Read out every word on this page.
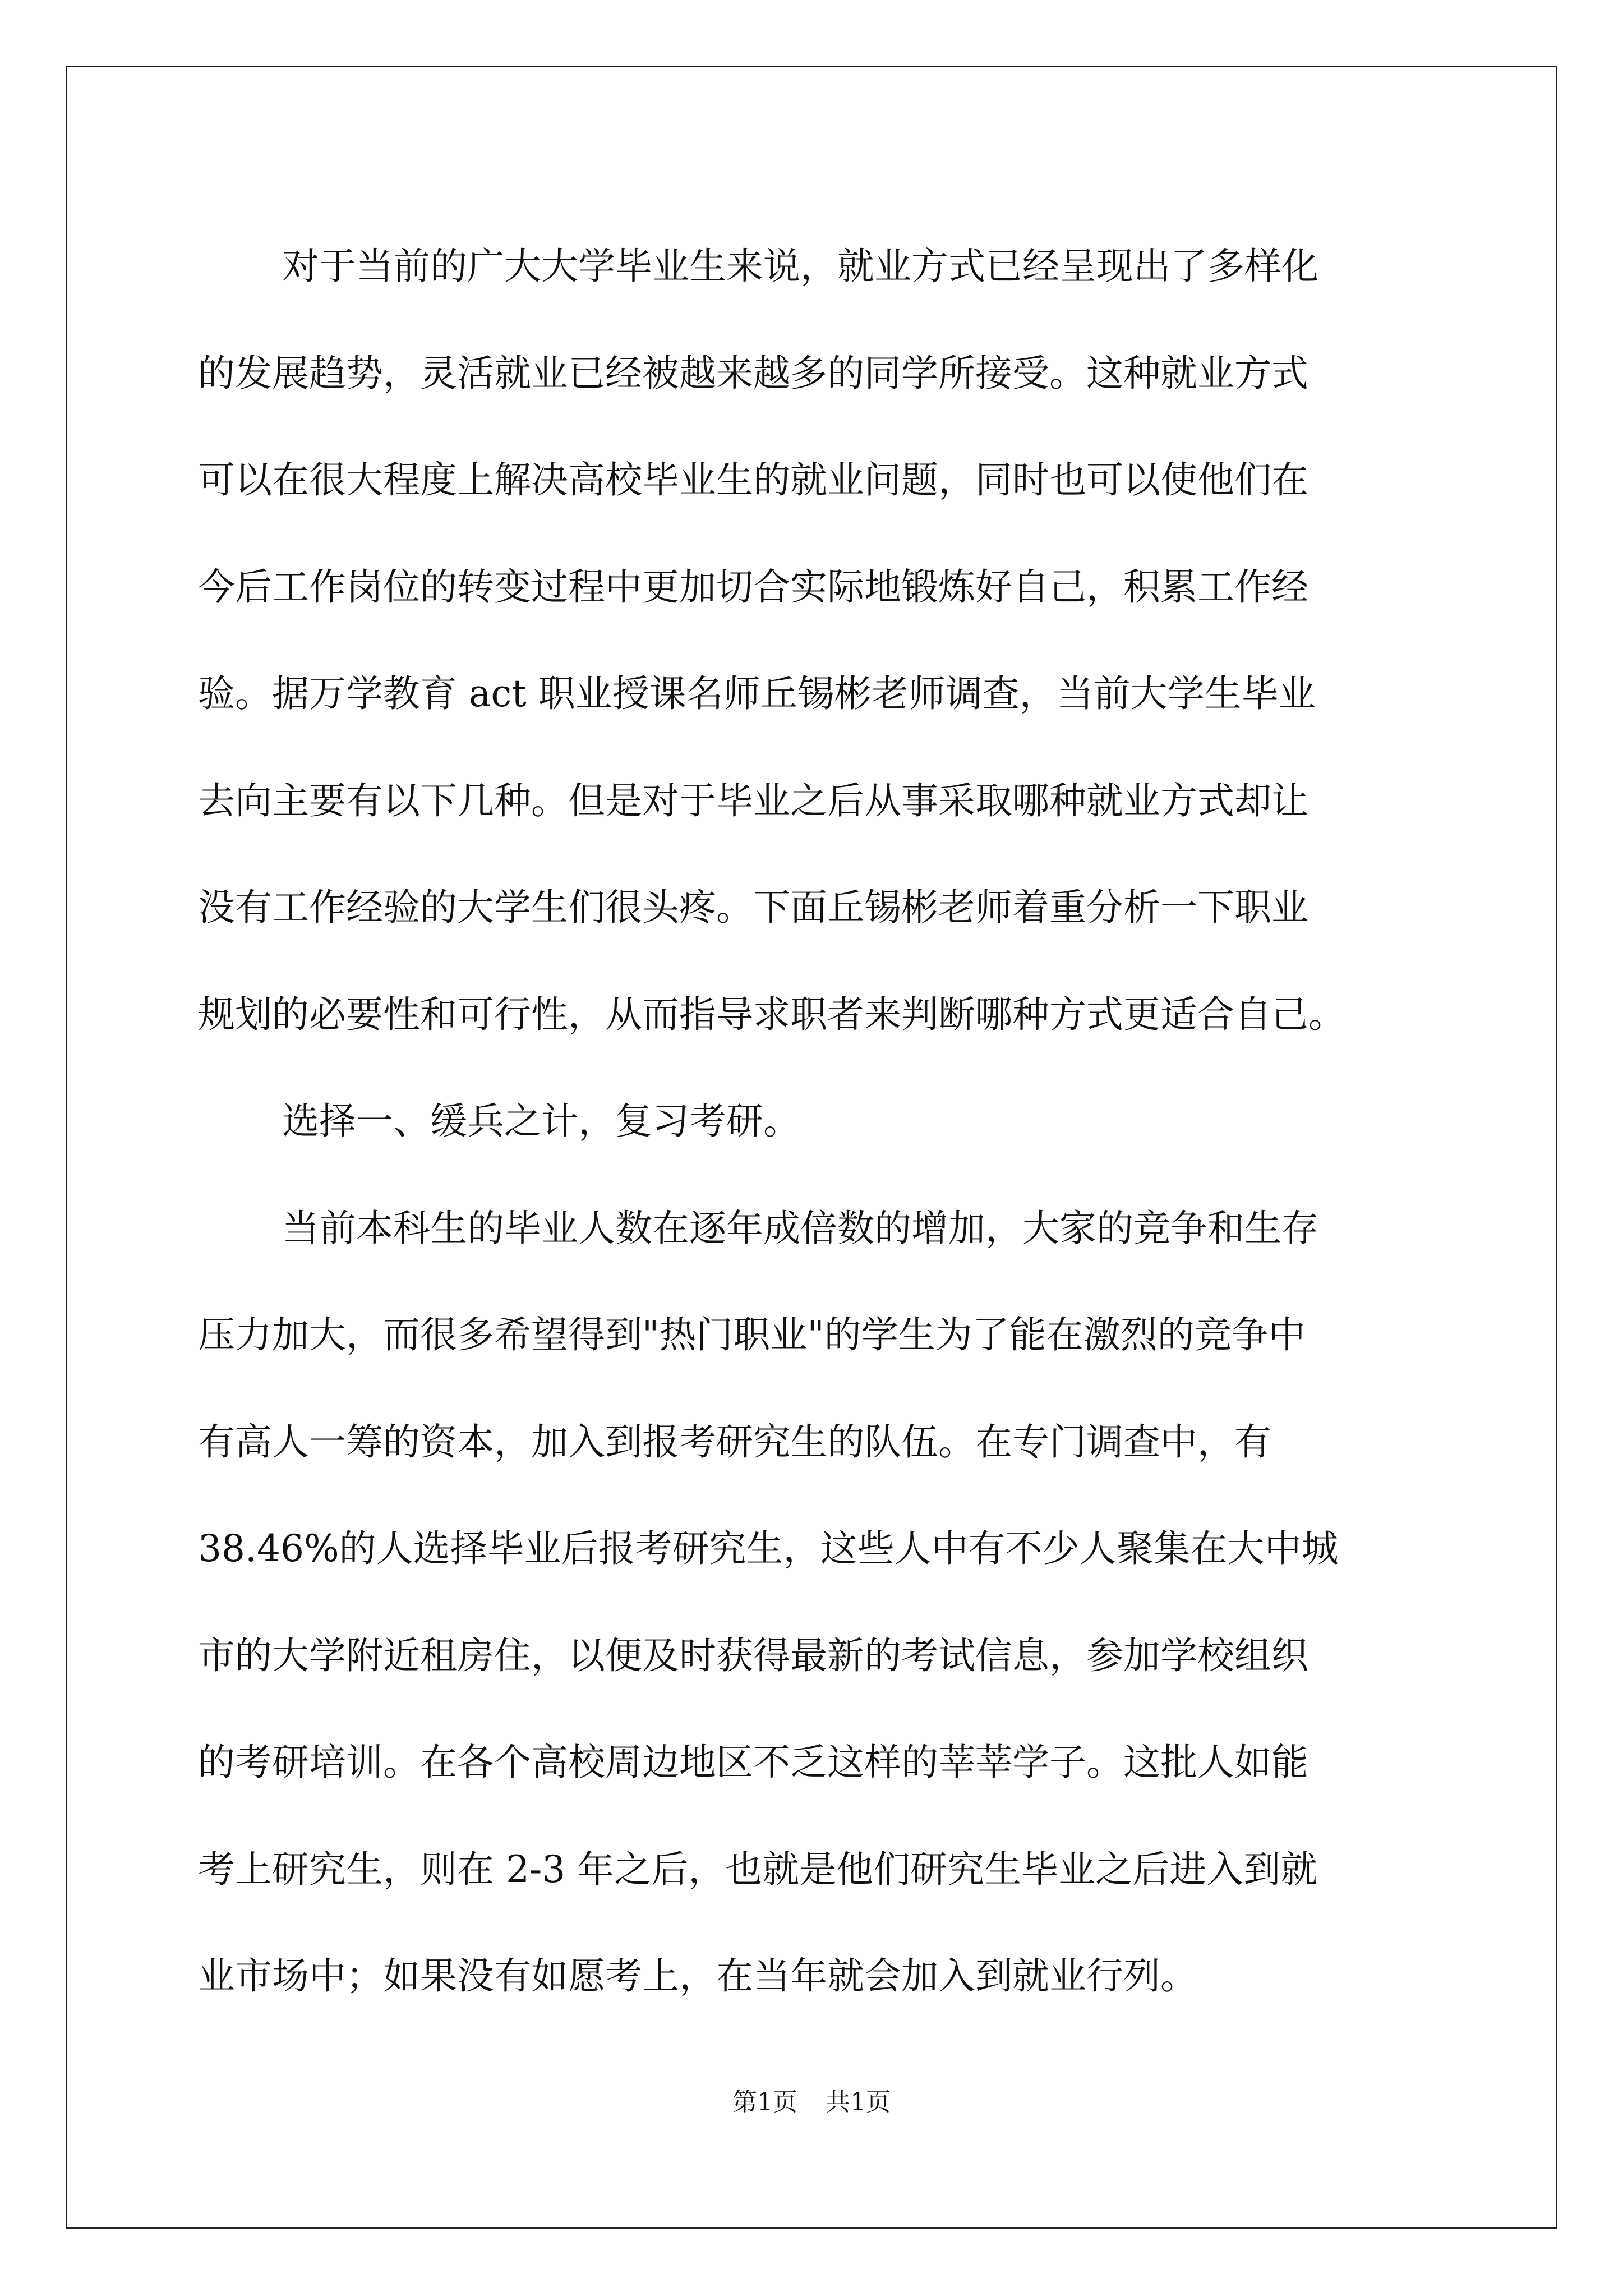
对于当前的广大大学毕业生来说，就业方式已经呈现出了多样化
的发展趋势，灵活就业已经被越来越多的同学所接受。这种就业方式
可以在很大程度上解决高校毕业生的就业问题，同时也可以使他们在
今后工作岗位的转变过程中更加切合实际地锻炼好自己，积累工作经
验。据万学教育 act 职业授课名师丘锡彬老师调查，当前大学生毕业
去向主要有以下几种。但是对于毕业之后从事采取哪种就业方式却让
没有工作经验的大学生们很头疼。下面丘锡彬老师着重分析一下职业
规划的必要性和可行性，从而指导求职者来判断哪种方式更适合自己。
选择一、缓兵之计，复习考研。
当前本科生的毕业人数在逐年成倍数的增加，大家的竞争和生存
压力加大，而很多希望得到"热门职业"的学生为了能在激烈的竞争中
有高人一筹的资本，加入到报考研究生的队伍。在专门调查中，有
38.46%的人选择毕业后报考研究生，这些人中有不少人聚集在大中城
市的大学附近租房住，以便及时获得最新的考试信息，参加学校组织
的考研培训。在各个高校周边地区不乏这样的莘莘学子。这批人如能
考上研究生，则在 2-3 年之后，也就是他们研究生毕业之后进入到就
业市场中；如果没有如愿考上，在当年就会加入到就业行列。
第1页 共1页
